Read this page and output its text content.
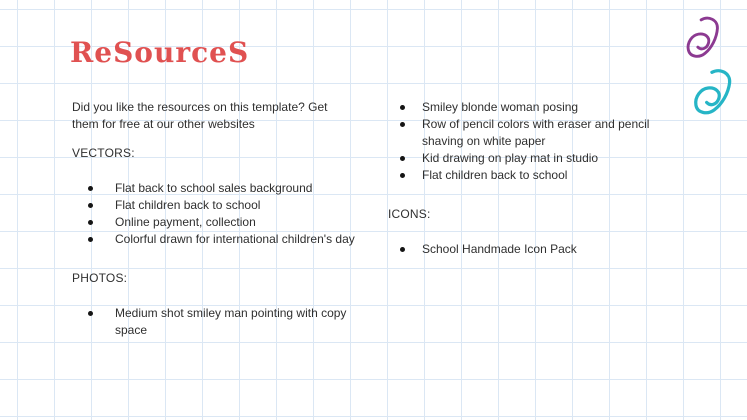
ReSourceS
Did you like the resources on this template? Get
them for free at our other websites
VECTORS:
Flat back to school sales background
Flat children back to school
Online payment, collection
Colorful drawn for international children's day
PHOTOS:
Medium shot smiley man pointing with copy space
Smiley blonde woman posing
Row of pencil colors with eraser and pencil shaving on white paper
Kid drawing on play mat in studio
Flat children back to school
ICONS:
School Handmade Icon Pack
